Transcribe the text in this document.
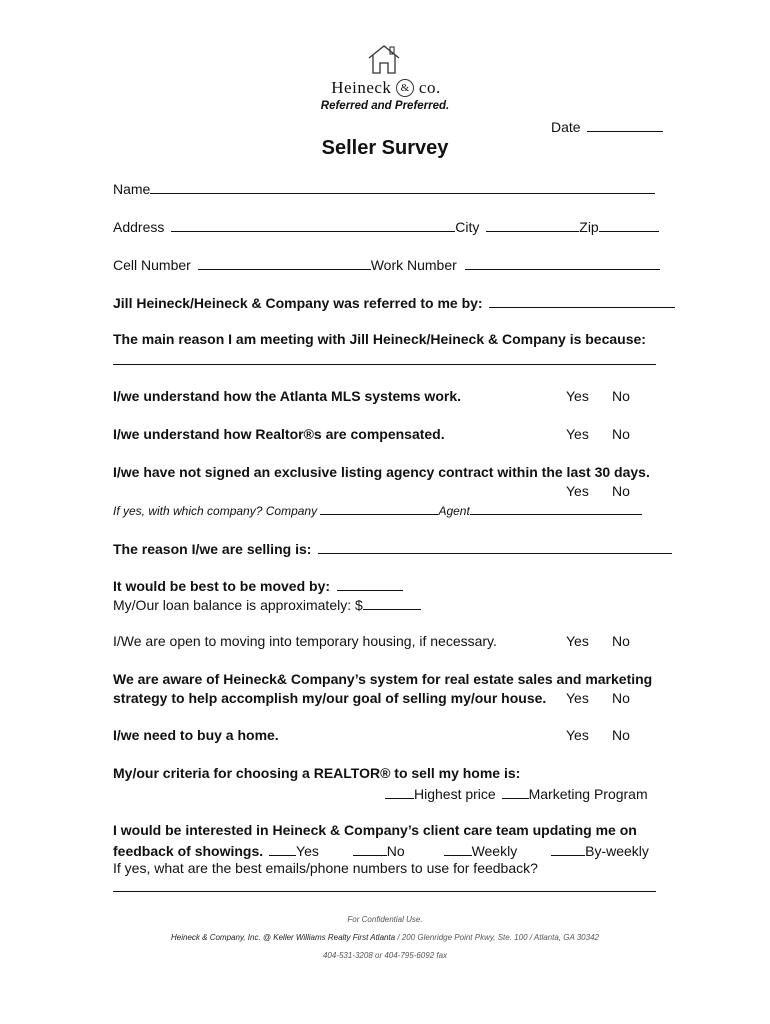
Heineck & co.
Referred and Preferred.
Date
Seller Survey
Name
Address	City	Zip
Cell Number	Work Number
Jill Heineck/Heineck & Company was referred to me by:
The main reason I am meeting with Jill Heineck/Heineck & Company is because:
I/we understand how the Atlanta MLS systems work.	Yes No
I/we understand how Realtor®s are compensated.	Yes No
I/we have not signed an exclusive listing agency contract within the last 30 days.
Yes No
If yes, with which company? Company	Agent
The reason I/we are selling is:
It would be best to be moved by:
My/Our loan balance is approximately: $
I/We are open to moving into temporary housing, if necessary.	Yes No
We are aware of Heineck& Company’s system for real estate sales and marketing
strategy to help accomplish my/our goal of selling my/our house. Yes No
I/we need to buy a home.	Yes No
My/our criteria for choosing a REALTOR® to sell my home is:
Highest price Marketing Program
I would be interested in Heineck & Company’s client care team updating me on
feedback of showings. Yes	No	Weekly	By-weekly
If yes, what are the best emails/phone numbers to use for feedback?
For Confidential Use.
Heineck & Company, Inc. @ Keller Williams Realty First Atlanta / 200 Glenridge Point Pkwy, Ste. 100 / Atlanta, GA 30342
404-531-3208 or 404-795-6092 fax
